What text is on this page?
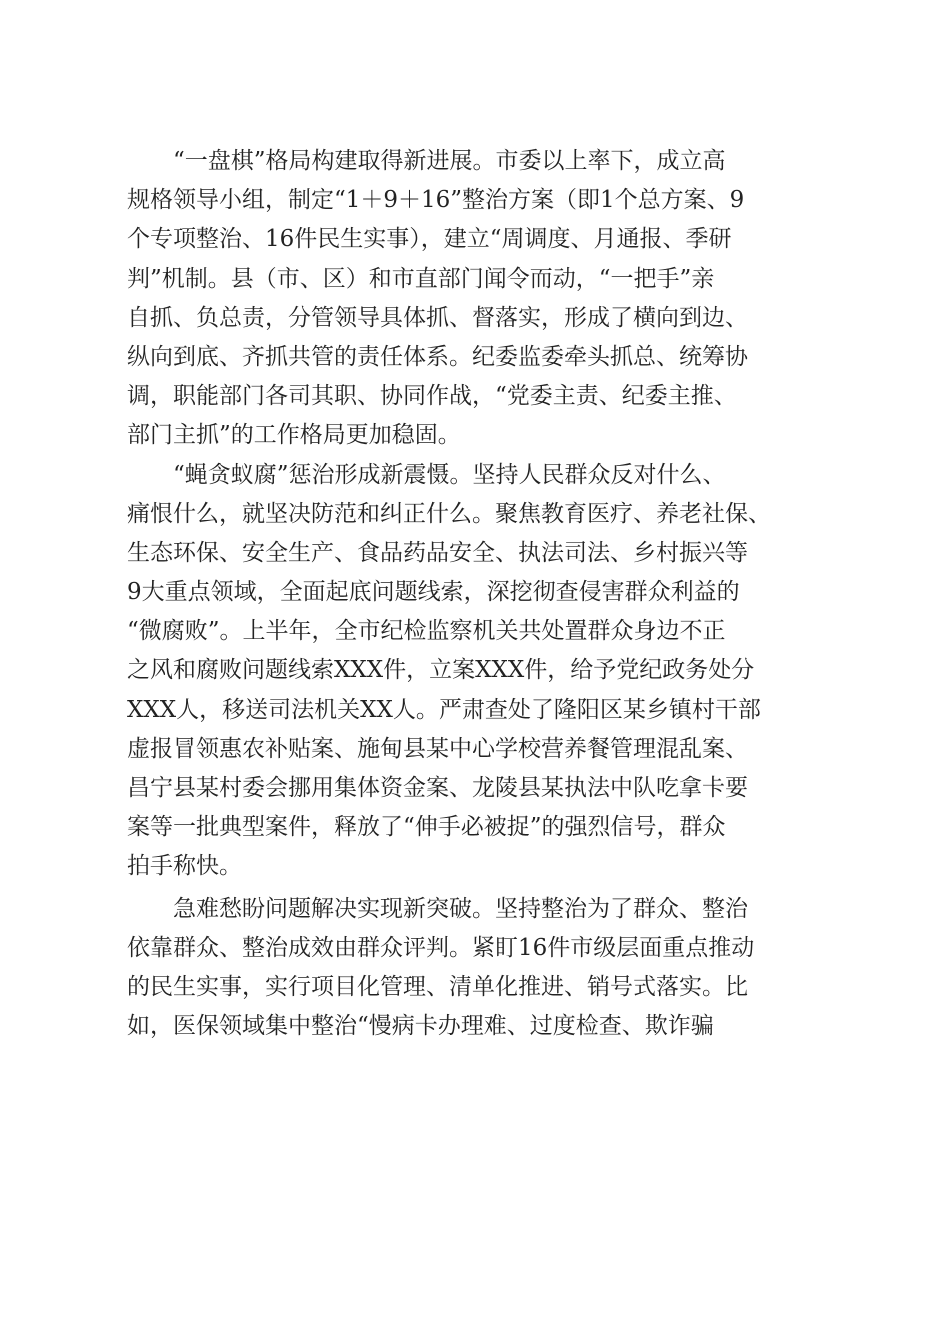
　　“一盘棋”格局构建取得新进展。市委以上率下，成立高
规格领导小组，制定“1＋9＋16”整治方案（即1个总方案、9
个专项整治、16件民生实事），建立“周调度、月通报、季研
判”机制。县（市、区）和市直部门闻令而动，“一把手”亲
自抓、负总责，分管领导具体抓、督落实，形成了横向到边、
纵向到底、齐抓共管的责任体系。纪委监委牵头抓总、统筹协
调，职能部门各司其职、协同作战，“党委主责、纪委主推、
部门主抓”的工作格局更加稳固。
　　“蝇贪蚁腐”惩治形成新震慑。坚持人民群众反对什么、
痛恨什么，就坚决防范和纠正什么。聚焦教育医疗、养老社保、
生态环保、安全生产、食品药品安全、执法司法、乡村振兴等
9大重点领域，全面起底问题线索，深挖彻查侵害群众利益的
“微腐败”。上半年，全市纪检监察机关共处置群众身边不正
之风和腐败问题线索XXX件，立案XXX件，给予党纪政务处分
XXX人，移送司法机关XX人。严肃查处了隆阳区某乡镇村干部
虚报冒领惠农补贴案、施甸县某中心学校营养餐管理混乱案、
昌宁县某村委会挪用集体资金案、龙陵县某执法中队吃拿卡要
案等一批典型案件，释放了“伸手必被捉”的强烈信号，群众
拍手称快。
　　急难愁盼问题解决实现新突破。坚持整治为了群众、整治
依靠群众、整治成效由群众评判。紧盯16件市级层面重点推动
的民生实事，实行项目化管理、清单化推进、销号式落实。比
如，医保领域集中整治“慢病卡办理难、过度检查、欺诈骗
